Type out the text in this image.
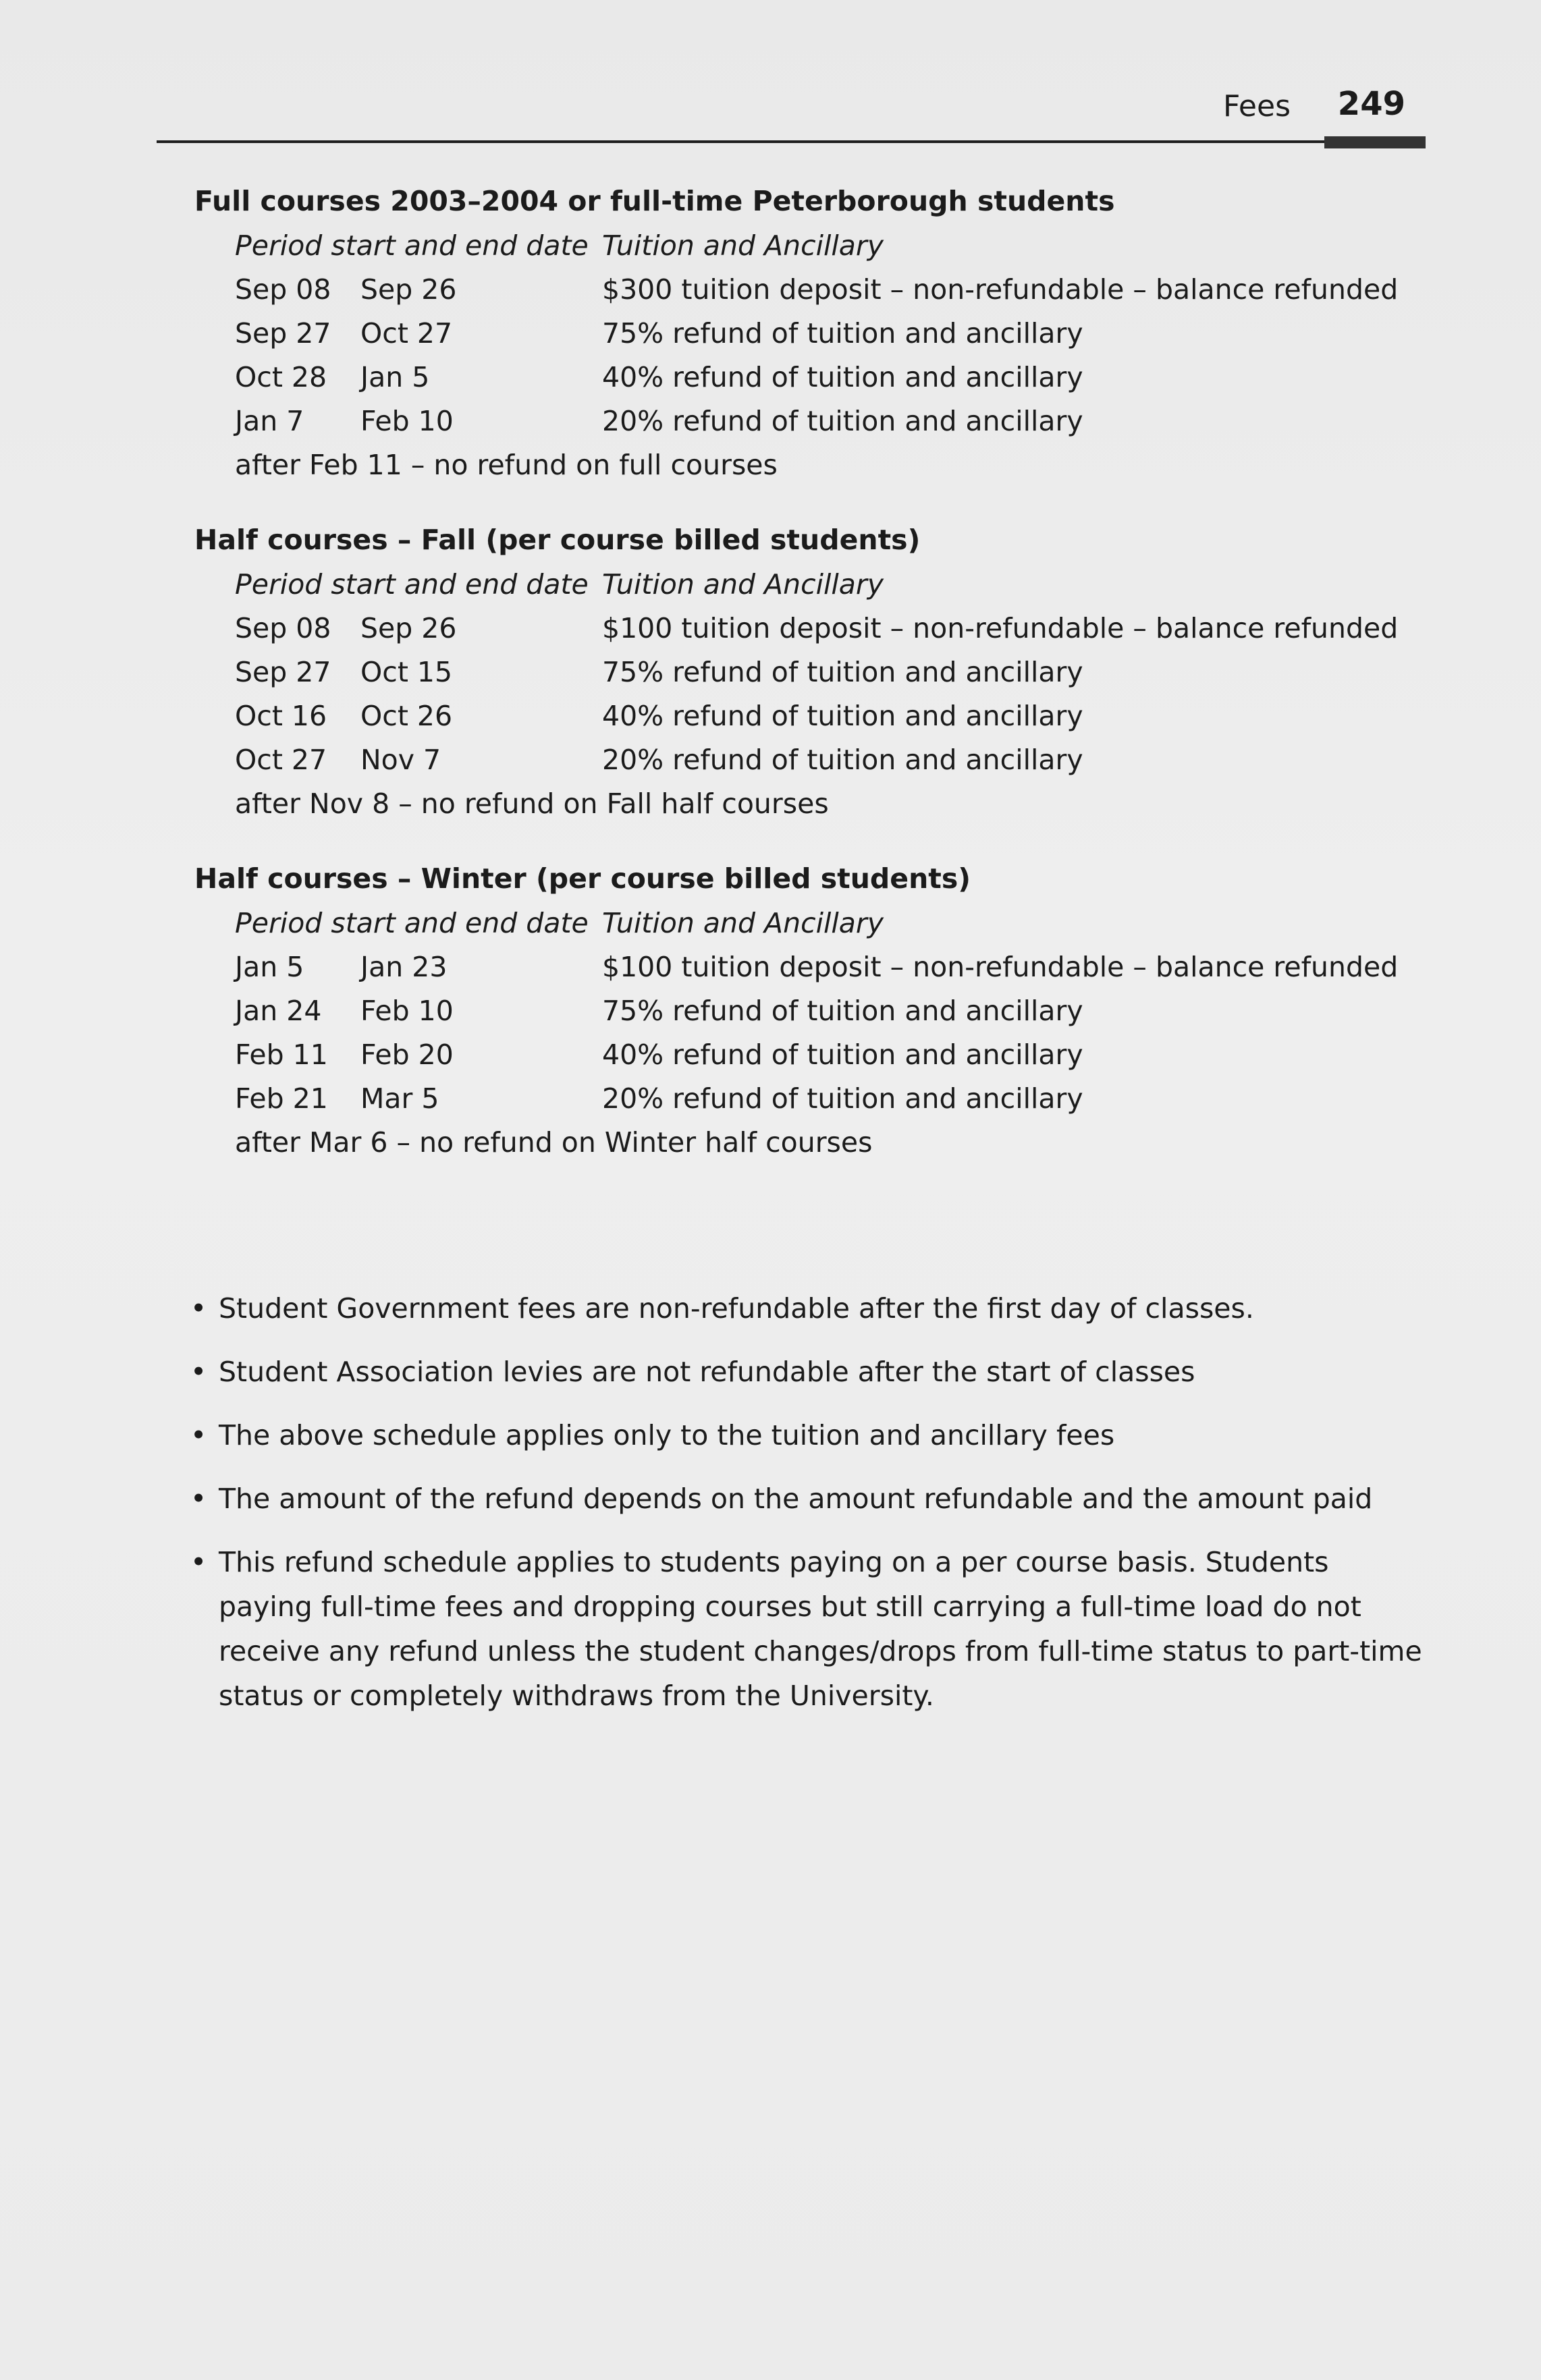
Fees 249
Full courses 2003–2004 or full-time Peterborough students
Period start and end date Tuition and Ancillary
Sep 08	Sep 26	$300 tuition deposit – non-refundable – balance refunded
Sep 27	Oct 27	75% refund of tuition and ancillary
Oct 28	Jan 5	40% refund of tuition and ancillary
Jan 7	Feb 10	20% refund of tuition and ancillary
after Feb 11 – no refund on full courses
Half courses – Fall (per course billed students)
Period start and end date Tuition and Ancillary
Sep 08	Sep 26	$100 tuition deposit – non-refundable – balance refunded
Sep 27	Oct 15	75% refund of tuition and ancillary
Oct 16	Oct 26	40% refund of tuition and ancillary
Oct 27	Nov 7	20% refund of tuition and ancillary
after Nov 8 – no refund on Fall half courses
Half courses – Winter (per course billed students)
Period start and end date Tuition and Ancillary
Jan 5	Jan 23	$100 tuition deposit – non-refundable – balance refunded
Jan 24	Feb 10	75% refund of tuition and ancillary
Feb 11	Feb 20	40% refund of tuition and ancillary
Feb 21	Mar 5	20% refund of tuition and ancillary
after Mar 6 – no refund on Winter half courses
• Student Government fees are non-refundable after the first day of classes.
• Student Association levies are not refundable after the start of classes
• The above schedule applies only to the tuition and ancillary fees
• The amount of the refund depends on the amount refundable and the amount paid
• This refund schedule applies to students paying on a per course basis. Students paying full-time fees and dropping courses but still carrying a full-time load do not receive any refund unless the student changes/drops from full-time status to part-time status or completely withdraws from the University.
